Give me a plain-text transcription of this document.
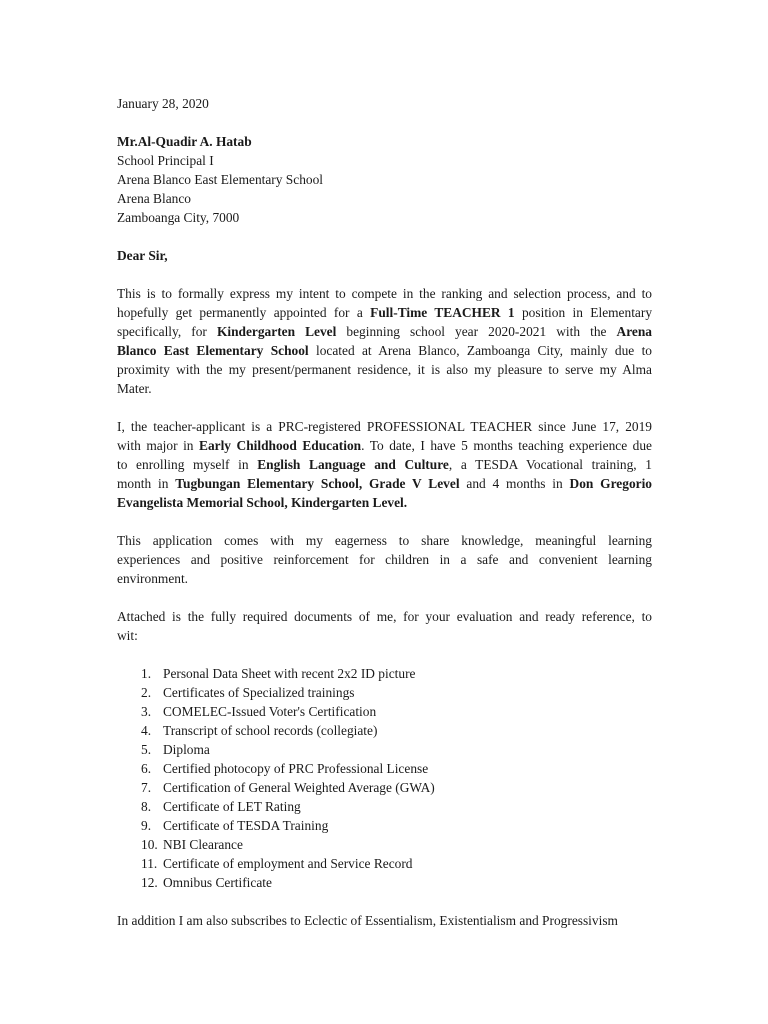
January 28, 2020
Mr.Al-Quadir A. Hatab
School Principal I
Arena Blanco East Elementary School
Arena Blanco
Zamboanga City, 7000
Dear Sir,
This is to formally express my intent to compete in the ranking and selection process, and to
hopefully get permanently appointed for a Full-Time TEACHER 1 position in Elementary
specifically, for Kindergarten Level beginning school year 2020-2021 with the Arena
Blanco East Elementary School located at Arena Blanco, Zamboanga City, mainly due to
proximity with the my present/permanent residence, it is also my pleasure to serve my Alma
Mater.
I, the teacher-applicant is a PRC-registered PROFESSIONAL TEACHER since June 17, 2019
with major in Early Childhood Education. To date, I have 5 months teaching experience due
to enrolling myself in English Language and Culture, a TESDA Vocational training, 1
month in Tugbungan Elementary School, Grade V Level and 4 months in Don Gregorio
Evangelista Memorial School, Kindergarten Level.
This application comes with my eagerness to share knowledge, meaningful learning
experiences and positive reinforcement for children in a safe and convenient learning
environment.
Attached is the fully required documents of me, for your evaluation and ready reference, to
wit:
1. Personal Data Sheet with recent 2x2 ID picture
2. Certificates of Specialized trainings
3. COMELEC-Issued Voter's Certification
4. Transcript of school records (collegiate)
5. Diploma
6. Certified photocopy of PRC Professional License
7. Certification of General Weighted Average (GWA)
8. Certificate of LET Rating
9. Certificate of TESDA Training
10. NBI Clearance
11. Certificate of employment and Service Record
12. Omnibus Certificate
In addition I am also subscribes to Eclectic of Essentialism, Existentialism and Progressivism
